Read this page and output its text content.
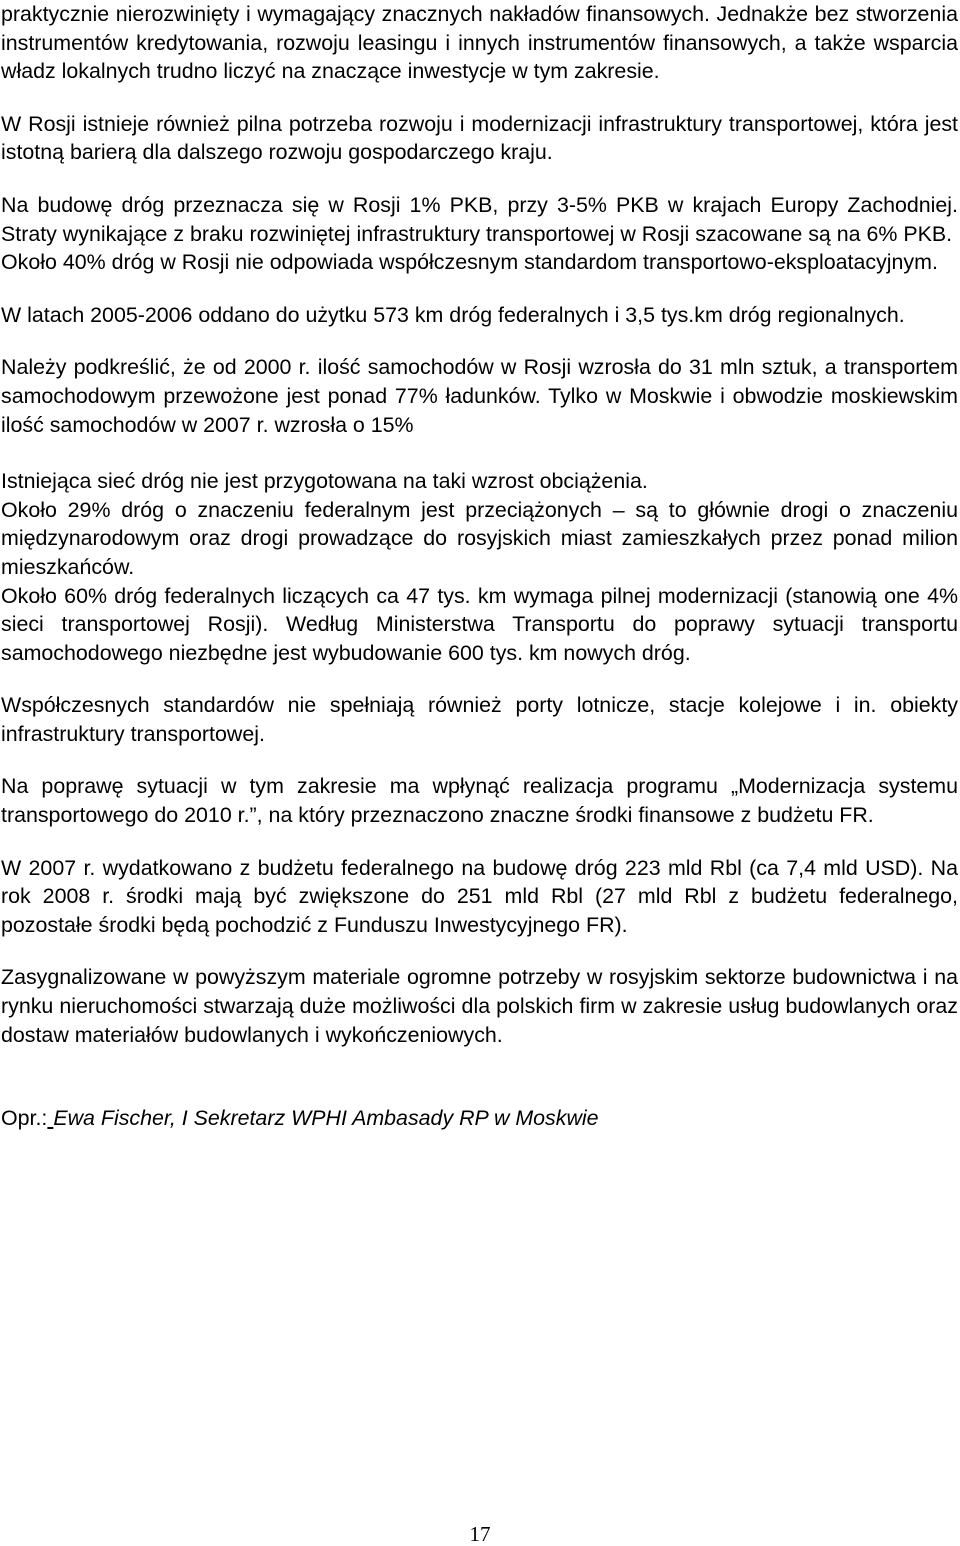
praktycznie nierozwinięty i wymagający znacznych nakładów finansowych. Jednakże bez stworzenia instrumentów kredytowania, rozwoju leasingu i innych instrumentów finansowych, a także wsparcia władz lokalnych trudno liczyć na znaczące inwestycje w tym zakresie.

W Rosji istnieje również pilna potrzeba rozwoju i modernizacji infrastruktury transportowej, która jest istotną barierą dla dalszego rozwoju gospodarczego kraju.

Na budowę dróg przeznacza się w Rosji 1% PKB, przy 3-5% PKB w krajach Europy Zachodniej. Straty wynikające z braku rozwiniętej infrastruktury transportowej w Rosji szacowane są na 6% PKB.

Około 40% dróg w Rosji nie odpowiada współczesnym standardom transportowo-eksploatacyjnym.

W latach 2005-2006 oddano do użytku 573 km dróg federalnych i 3,5 tys.km dróg regionalnych.

Należy podkreślić, że od 2000 r. ilość samochodów w Rosji wzrosła do 31 mln sztuk, a transportem samochodowym przewożone jest ponad 77% ładunków. Tylko w Moskwie i obwodzie moskiewskim ilość samochodów w 2007 r. wzrosła o 15%

Istniejąca sieć dróg nie jest przygotowana na taki wzrost obciążenia.

Około 29% dróg o znaczeniu federalnym jest przeciążonych – są to głównie drogi o znaczeniu międzynarodowym oraz drogi prowadzące do rosyjskich miast zamieszkałych przez ponad milion mieszkańców.

Około 60% dróg federalnych liczących ca 47 tys. km wymaga pilnej modernizacji (stanowią one 4% sieci transportowej Rosji). Według Ministerstwa Transportu do poprawy sytuacji transportu samochodowego niezbędne jest wybudowanie 600 tys. km nowych dróg.

Współczesnych standardów nie spełniają również porty lotnicze, stacje kolejowe i in. obiekty infrastruktury transportowej.

Na poprawę sytuacji w tym zakresie ma wpłynąć realizacja programu „Modernizacja systemu transportowego do 2010 r.”, na który przeznaczono znaczne środki finansowe z budżetu FR.

W 2007 r. wydatkowano z budżetu federalnego na budowę dróg 223 mld Rbl (ca 7,4 mld USD). Na rok 2008 r. środki mają być zwiększone do 251 mld Rbl (27 mld Rbl z budżetu federalnego, pozostałe środki będą pochodzić z Funduszu Inwestycyjnego FR).

Zasygnalizowane w powyższym materiale ogromne potrzeby w rosyjskim sektorze budownictwa i na rynku nieruchomości stwarzają duże możliwości dla polskich firm w zakresie usług budowlanych oraz dostaw materiałów budowlanych i wykończeniowych.

Opr.: Ewa Fischer, I Sekretarz WPHI Ambasady RP w Moskwie

17
